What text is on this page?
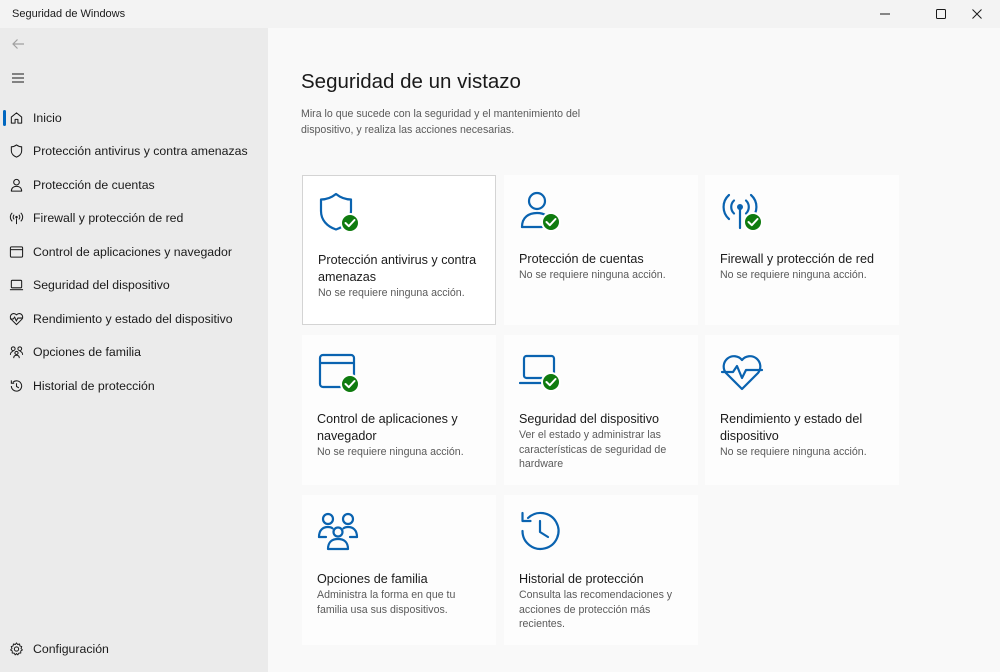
Seguridad de Windows
Inicio
Protección antivirus y contra amenazas
Protección de cuentas
Firewall y protección de red
Control de aplicaciones y navegador
Seguridad del dispositivo
Rendimiento y estado del dispositivo
Opciones de familia
Historial de protección
Configuración
Seguridad de un vistazo

Mira lo que sucede con la seguridad y el mantenimiento del dispositivo, y realiza las acciones necesarias.

Protección antivirus y contra amenazas
No se requiere ninguna acción.
Protección de cuentas
No se requiere ninguna acción.
Firewall y protección de red
No se requiere ninguna acción.
Control de aplicaciones y navegador
No se requiere ninguna acción.
Seguridad del dispositivo
Ver el estado y administrar las características de seguridad de hardware
Rendimiento y estado del dispositivo
No se requiere ninguna acción.
Opciones de familia
Administra la forma en que tu familia usa sus dispositivos.
Historial de protección
Consulta las recomendaciones y acciones de protección más recientes.
